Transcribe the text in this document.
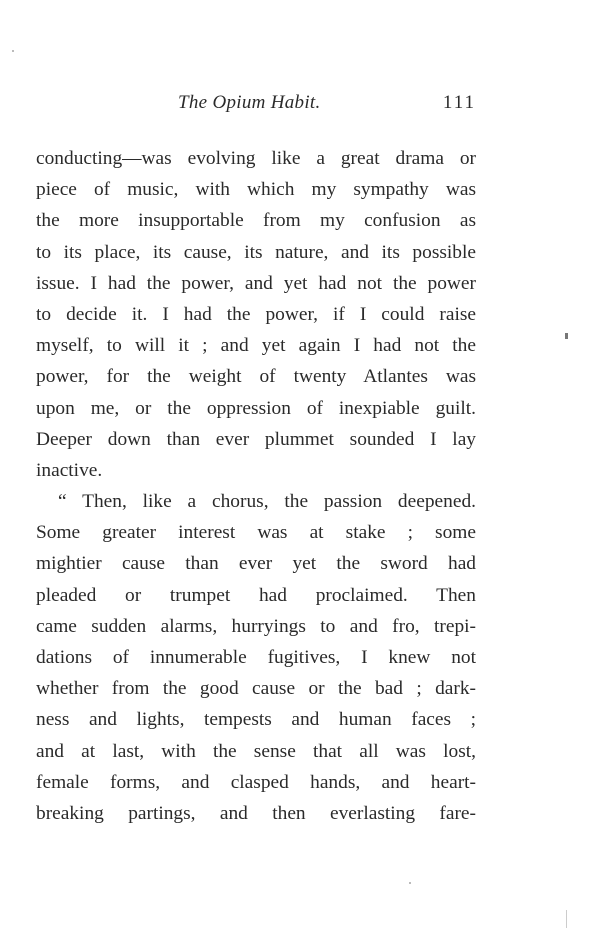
The Opium Habit.	111
conducting—was evolving like a great drama or
piece of music, with which my sympathy was
the more insupportable from my confusion as
to its place, its cause, its nature, and its possible
issue. I had the power, and yet had not the power
to decide it. I had the power, if I could raise
myself, to will it ; and yet again I had not the
power, for the weight of twenty Atlantes was
upon me, or the oppression of inexpiable guilt.
Deeper down than ever plummet sounded I lay
inactive.
“ Then, like a chorus, the passion deepened.
Some greater interest was at stake ; some
mightier cause than ever yet the sword had
pleaded or trumpet had proclaimed. Then
came sudden alarms, hurryings to and fro, trepi-
dations of innumerable fugitives, I knew not
whether from the good cause or the bad ; dark-
ness and lights, tempests and human faces ;
and at last, with the sense that all was lost,
female forms, and clasped hands, and heart-
breaking partings, and then everlasting fare-
